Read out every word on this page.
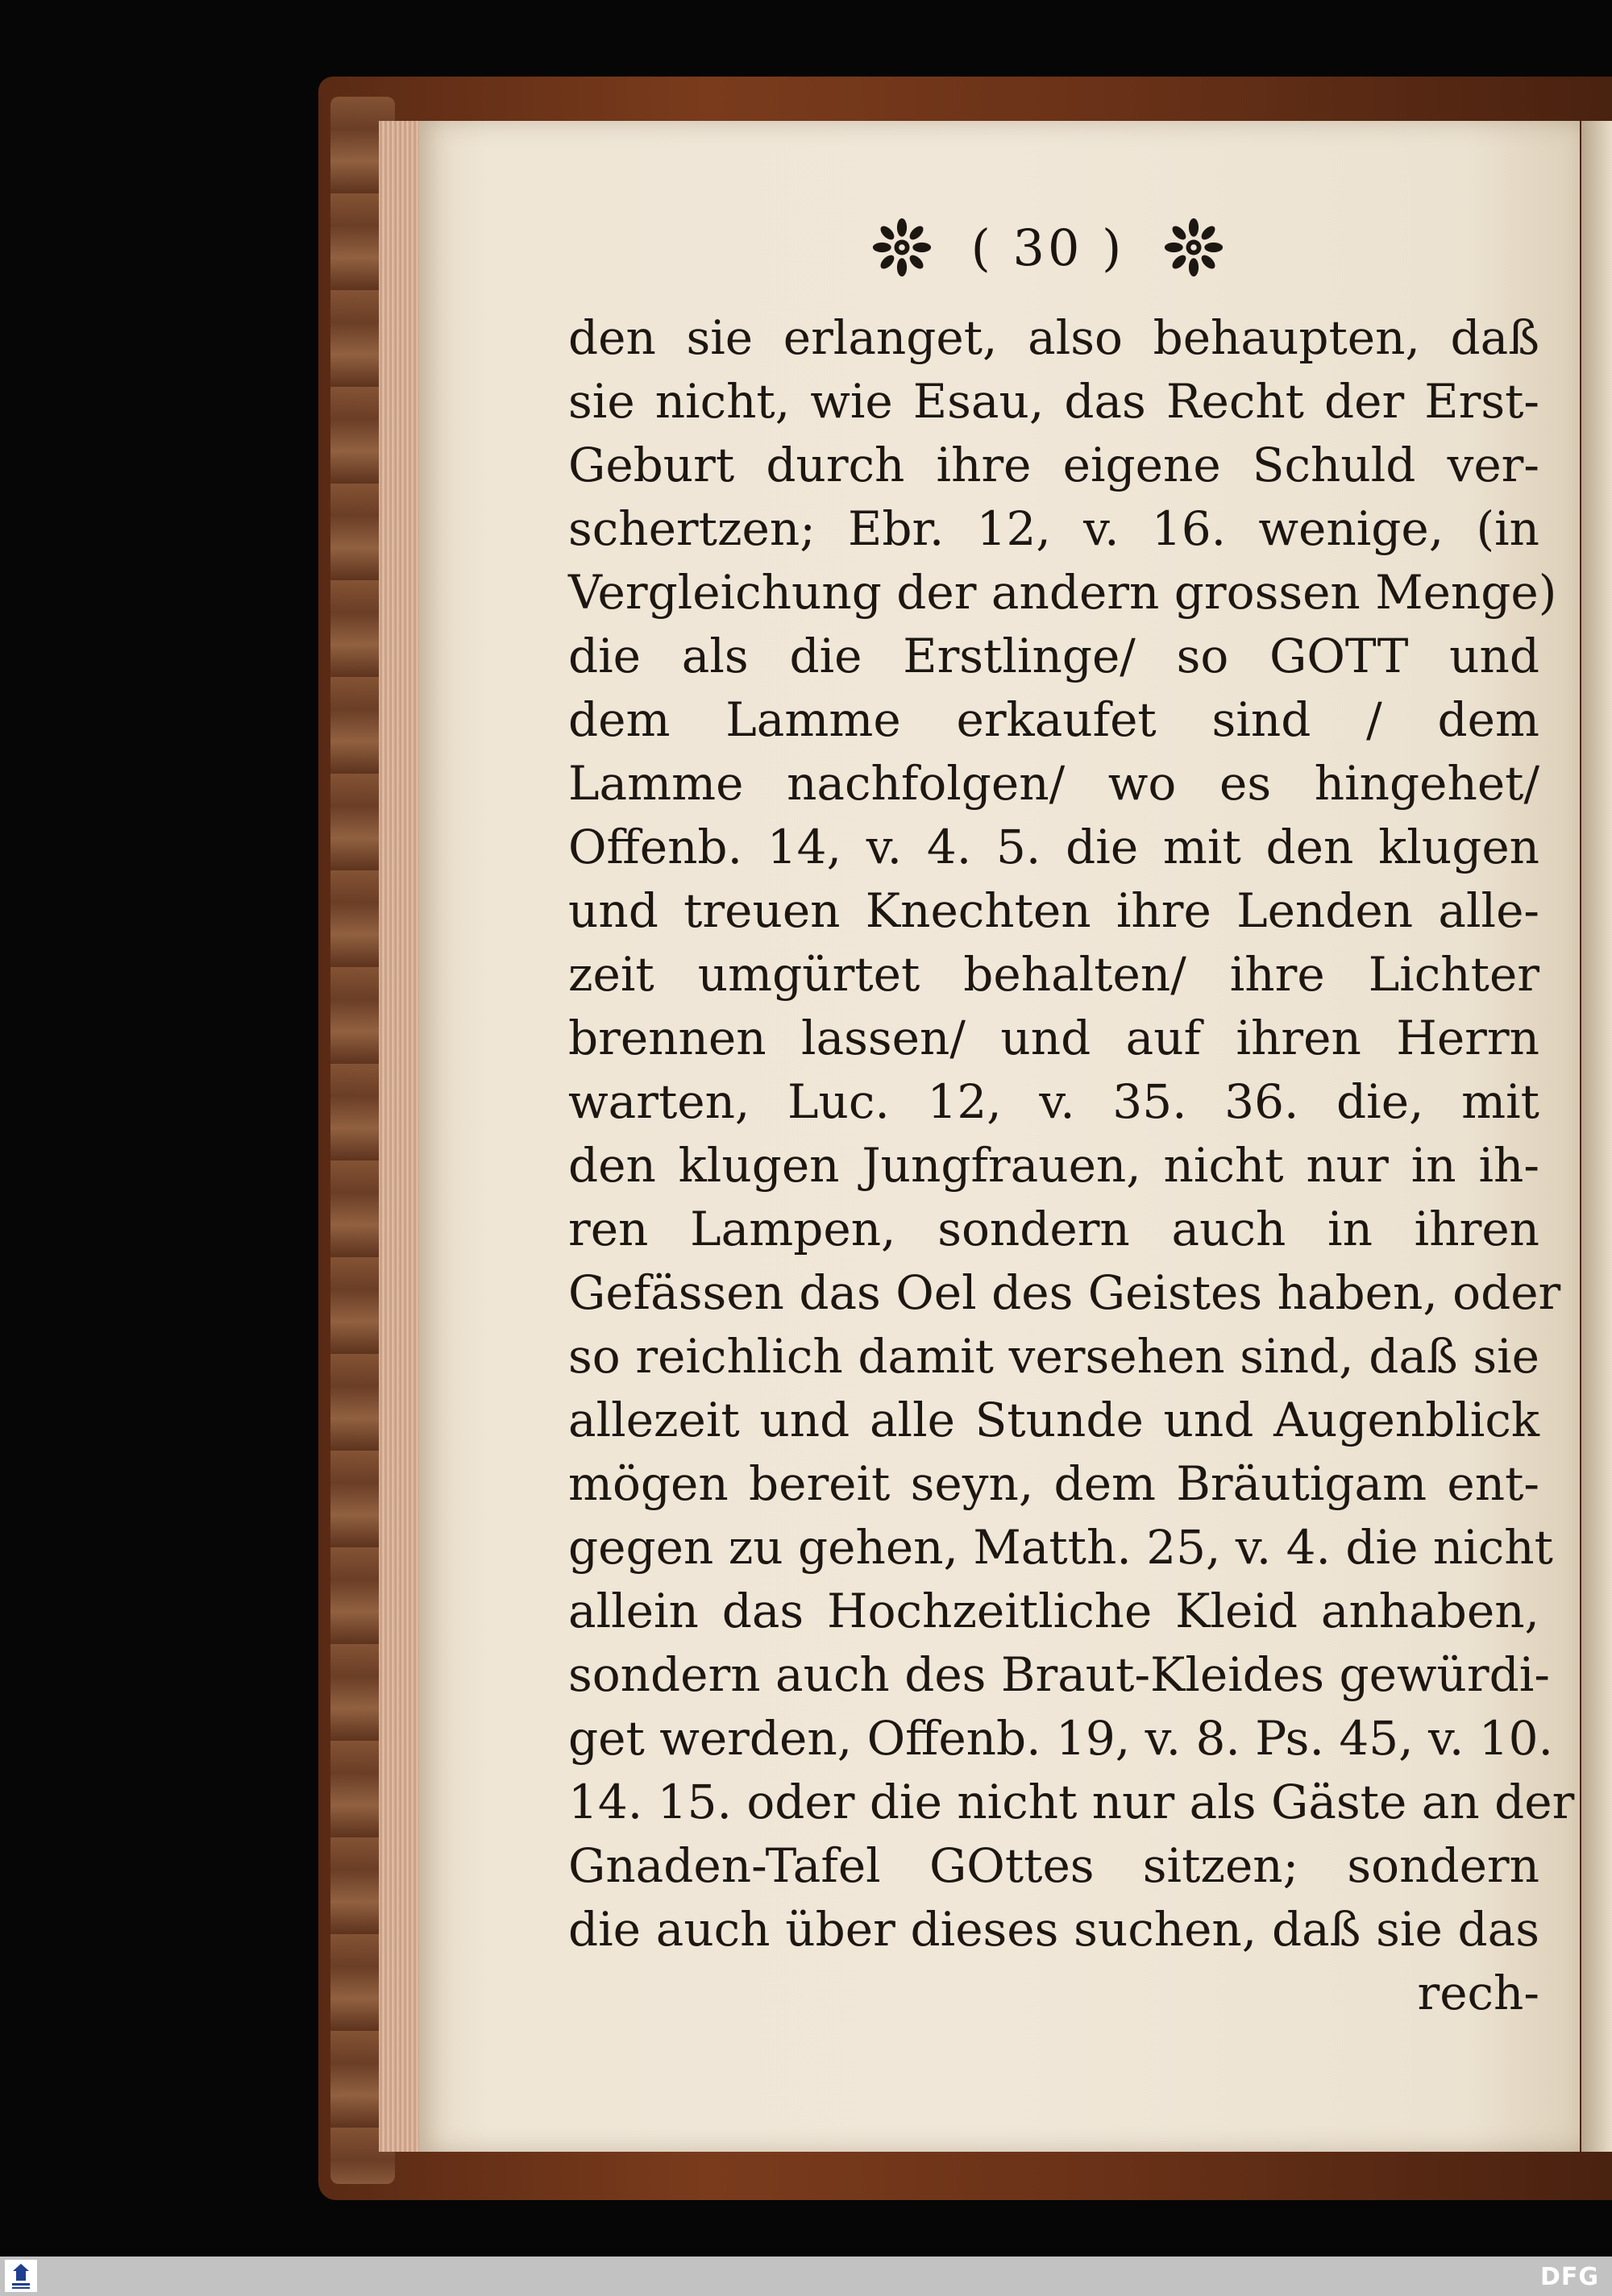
( 30 )
den sie erlanget, also behaupten, daß
sie nicht, wie Esau, das Recht der Erst-
Geburt durch ihre eigene Schuld ver-
schertzen; Ebr. 12, v. 16. wenige, (in
Vergleichung der andern grossen Menge)
die als die Erstlinge/ so GOTT und
dem Lamme erkaufet sind / dem
Lamme nachfolgen/ wo es hingehet/
Offenb. 14, v. 4. 5. die mit den klugen
und treuen Knechten ihre Lenden alle-
zeit umgürtet behalten/ ihre Lichter
brennen lassen/ und auf ihren Herrn
warten, Luc. 12, v. 35. 36. die, mit
den klugen Jungfrauen, nicht nur in ih-
ren Lampen, sondern auch in ihren
Gefässen das Oel des Geistes haben, oder
so reichlich damit versehen sind, daß sie
allezeit und alle Stunde und Augenblick
mögen bereit seyn, dem Bräutigam ent-
gegen zu gehen, Matth. 25, v. 4. die nicht
allein das Hochzeitliche Kleid anhaben,
sondern auch des Braut-Kleides gewürdi-
get werden, Offenb. 19, v. 8. Ps. 45, v. 10.
14. 15. oder die nicht nur als Gäste an der
Gnaden-Tafel GOttes sitzen; sondern
die auch über dieses suchen, daß sie das
rech-
DFG
